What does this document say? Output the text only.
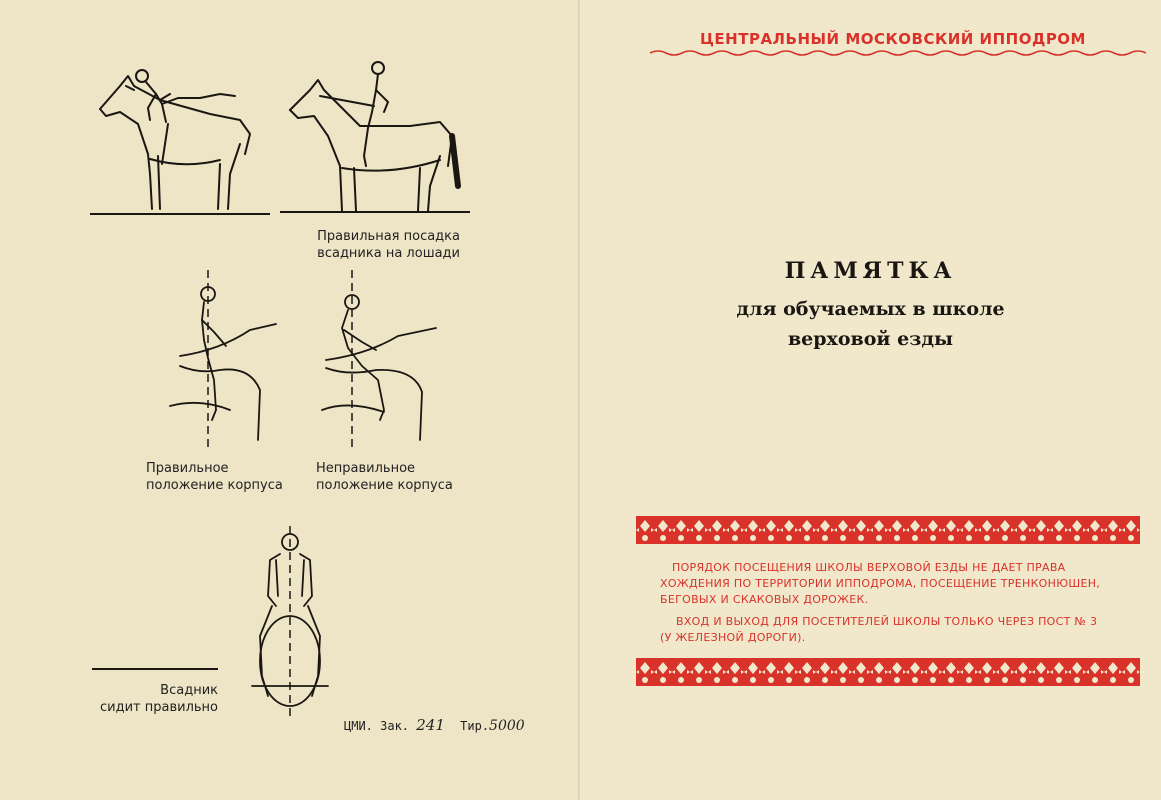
Правильная посадка
всадника на лошади
Правильное
положение корпуса
Неправильное
положение корпуса
Всадник
сидит правильно
ЦМИ. Зак. 241 Тир.5000
ЦЕНТРАЛЬНЫЙ МОСКОВСКИЙ ИППОДРОМ
ПАМЯТКА
для обучаемых в школе
верховой езды
ПОРЯДОК ПОСЕЩЕНИЯ ШКОЛЫ ВЕРХОВОЙ ЕЗДЫ НЕ ДАЕТ ПРАВА
ХОЖДЕНИЯ ПО ТЕРРИТОРИИ ИППОДРОМА, ПОСЕЩЕНИЕ ТРЕНКОНЮШЕН,
БЕГОВЫХ И СКАКОВЫХ ДОРОЖЕК.
ВХОД И ВЫХОД ДЛЯ ПОСЕТИТЕЛЕЙ ШКОЛЫ ТОЛЬКО ЧЕРЕЗ ПОСТ № 3
(У ЖЕЛЕЗНОЙ ДОРОГИ).
